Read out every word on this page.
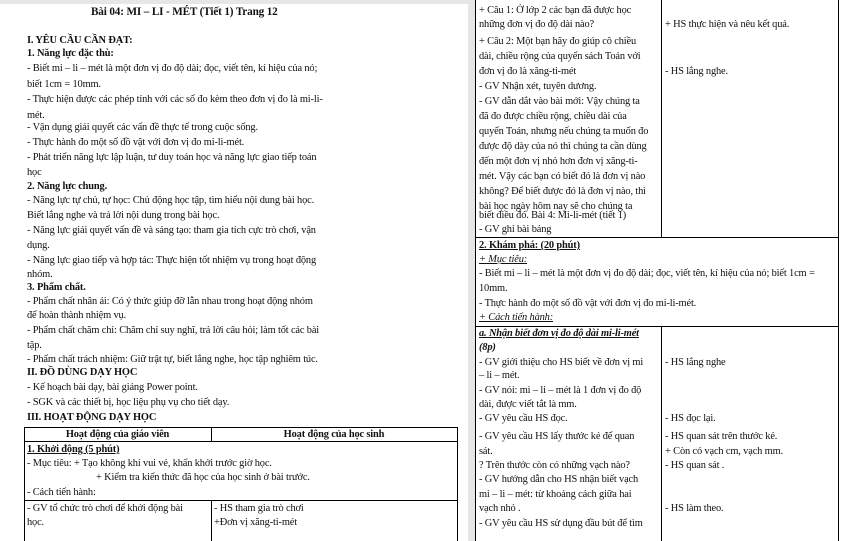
Bài 04: MI – LI - MÉT (Tiết 1) Trang 12
I. YÊU CẦU CẦN ĐẠT:
1. Năng lực đặc thù:
- Biết mi – li – mét là một đơn vị đo độ dài; đọc, viết tên, kí hiệu của nó;
biết 1cm = 10mm.
- Thực hiện được các phép tính với các số đo kèm theo đơn vị đo là mi-li-
mét.
- Vận dụng giải quyết các vấn đề thực tế trong cuộc sống.
- Thực hành đo một số đồ vật với đơn vị đo mi-li-mét.
- Phát triển năng lực lập luận, tư duy toán học và năng lực giao tiếp toán
học
2. Năng lực chung.
- Năng lực tự chủ, tự học: Chủ động học tập, tìm hiểu nội dung bài học.
Biết lắng nghe và trả lời nội dung trong bài học.
- Năng lực giải quyết vấn đề và sáng tạo: tham gia tích cực trò chơi, vận
dụng.
- Năng lực giao tiếp và hợp tác: Thực hiện tốt nhiệm vụ trong hoạt động
nhóm.
3. Phẩm chất.
- Phẩm chất nhân ái: Có ý thức giúp đỡ lẫn nhau trong hoạt động nhóm
để hoàn thành nhiệm vụ.
- Phẩm chất chăm chỉ: Chăm chỉ suy nghĩ, trả lời câu hỏi; làm tốt các bài
tập.
- Phẩm chất trách nhiệm: Giữ trật tự, biết lắng nghe, học tập nghiêm túc.
II. ĐỒ DÙNG DẠY HỌC
- Kế hoạch bài dạy, bài giảng Power point.
- SGK và các thiết bị, học liệu phụ vụ cho tiết dạy.
III. HOẠT ĐỘNG DẠY HỌC
Hoạt động của giáo viên	Hoạt động của học sinh
1. Khởi động (5 phút)
- Mục tiêu: + Tạo không khí vui vẻ, khấn khởi trước giờ học.
+ Kiểm tra kiến thức đã học của học sinh ở bài trước.
- Cách tiến hành:
- GV tổ chức trò chơi để khởi động bài
học.
- HS tham gia trò chơi
+Đơn vị xăng-ti-mét
+ Câu 1: Ở lớp 2 các bạn đã được học
những đơn vị đo độ dài nào?
+ Câu 2: Một bạn hãy đo giúp cô chiều
dài, chiều rộng của quyển sách Toán với
đơn vị đo là xăng-ti-mét
- GV Nhận xét, tuyên dương.
- GV dẫn dắt vào bài mới: Vậy chúng ta
đã đo được chiều rộng, chiều dài của
quyển Toán, nhưng nếu chúng ta muốn đo
được độ dày của nó thì chúng ta cần dùng
đến một đơn vị nhỏ hơn đơn vị xăng-ti-
mét. Vậy các bạn có biết đó là đơn vị nào
không? Để biết được đó là đơn vị nào, thì
bài học ngày hôm nay sẽ cho chúng ta
biết điều đó. Bài 4: Mi-li-mét (tiết 1)
- GV ghi bài bảng
+ HS thực hiện và nêu kết quả.
- HS lắng nghe.
2. Khám phá: (20 phút)
+ Mục tiêu:
- Biết mi – li – mét là một đơn vị đo độ dài; đọc, viết tên, kí hiệu của nó; biết 1cm =
10mm.
- Thực hành đo một số đồ vật với đơn vị đo mi-li-mét.
+ Cách tiến hành:
a. Nhận biết đơn vị đo độ dài mi-li-mét
(8p)
- GV giới thiệu cho HS biết về đơn vị mi
– li – mét.
- GV nói: mi – li – mét là 1 đơn vị đo độ
dài, được viết tắt là mm.
- GV yêu cầu HS đọc.
- GV yêu cầu HS lấy thước kẻ để quan
sát.
? Trên thước còn có những vạch nào?
- GV hướng dẫn cho HS nhận biết vạch
mi – li – mét: từ khoảng cách giữa hai
vạch nhỏ .
- GV yêu cầu HS sử dụng đầu bút để tìm
- HS lắng nghe
- HS đọc lại.
- HS quan sát trên thước kẻ.
+ Còn có vạch cm, vạch mm.
- HS quan sát .
- HS làm theo.
